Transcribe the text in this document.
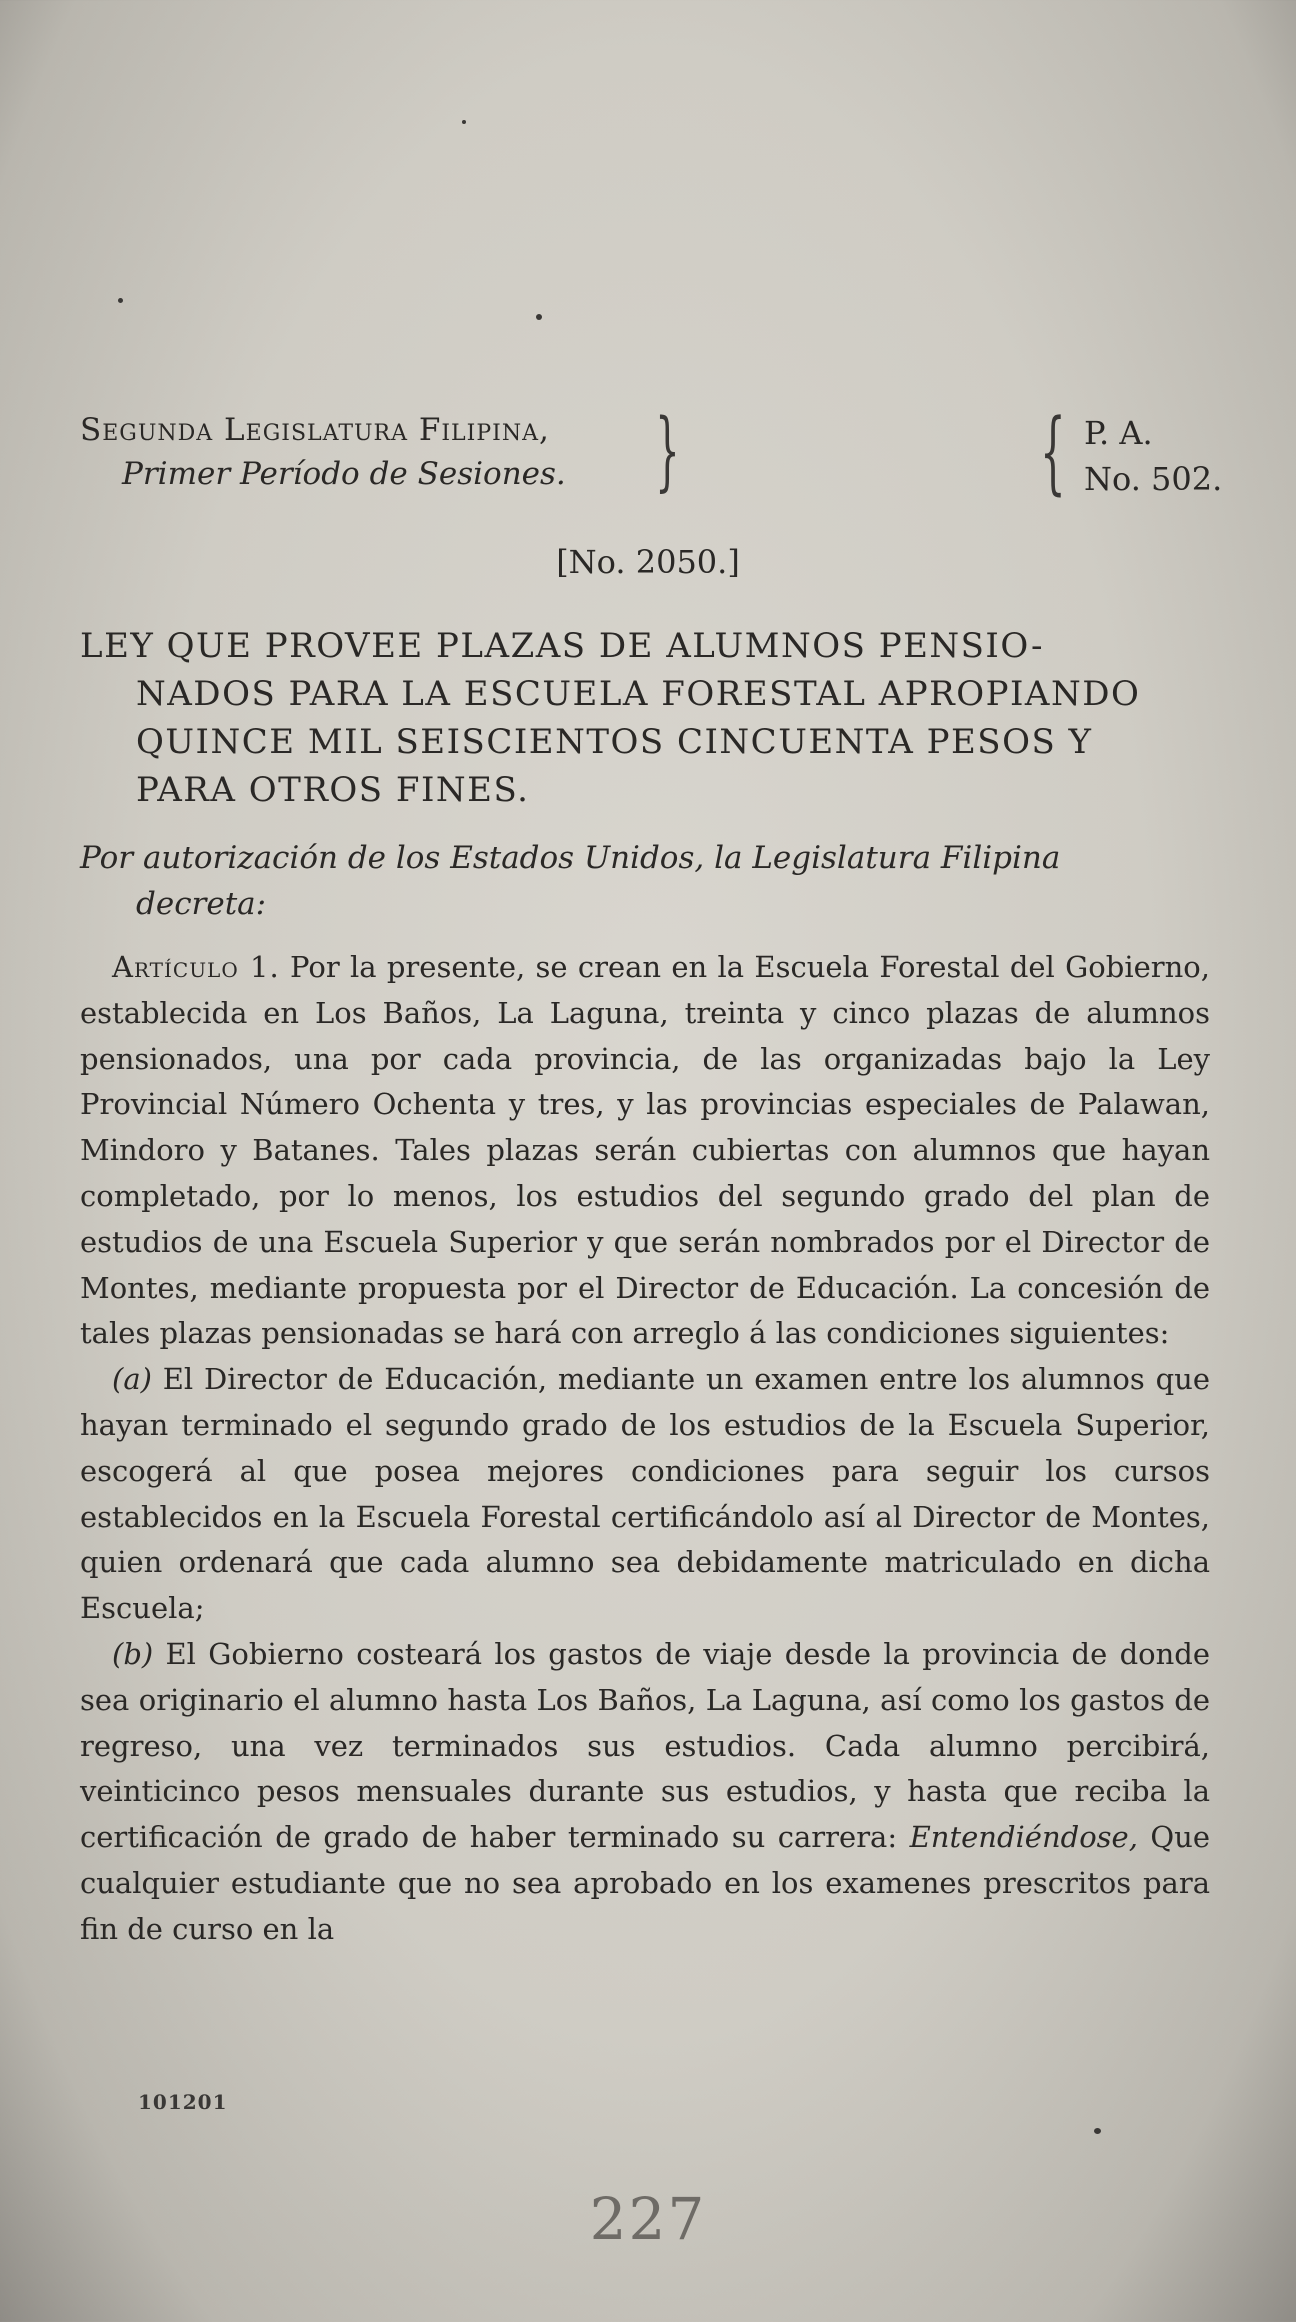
Segunda Legislatura Filipina,
Primer Período de Sesiones.	}	{ P. A.
No. 502.
[No. 2050.]
LEY QUE PROVEE PLAZAS DE ALUMNOS PENSIO-
NADOS PARA LA ESCUELA FORESTAL APROPIANDO
QUINCE MIL SEISCIENTOS CINCUENTA PESOS Y
PARA OTROS FINES.
Por autorización de los Estados Unidos, la Legislatura Filipina
decreta:

Artículo 1. Por la presente, se crean en la Escuela Forestal del Gobierno, establecida en Los Baños, La Laguna, treinta y cinco plazas de alumnos pensionados, una por cada provincia, de las organizadas bajo la Ley Provincial Número Ochenta y tres, y las provincias especiales de Palawan, Mindoro y Batanes. Tales plazas serán cubiertas con alumnos que hayan completado, por lo menos, los estudios del segundo grado del plan de estudios de una Escuela Superior y que serán nombrados por el Director de Montes, mediante propuesta por el Director de Educación. La concesión de tales plazas pensionadas se hará con arreglo á las condiciones siguientes:

(a) El Director de Educación, mediante un examen entre los alumnos que hayan terminado el segundo grado de los estudios de la Escuela Superior, escogerá al que posea mejores condiciones para seguir los cursos establecidos en la Escuela Forestal certificándolo así al Director de Montes, quien ordenará que cada alumno sea debidamente matriculado en dicha Escuela;

(b) El Gobierno costeará los gastos de viaje desde la provincia de donde sea originario el alumno hasta Los Baños, La Laguna, así como los gastos de regreso, una vez terminados sus estudios. Cada alumno percibirá, veinticinco pesos mensuales durante sus estudios, y hasta que reciba la certificación de grado de haber terminado su carrera: Entendiéndose, Que cualquier estudiante que no sea aprobado en los examenes prescritos para fin de curso en la

101201
227
